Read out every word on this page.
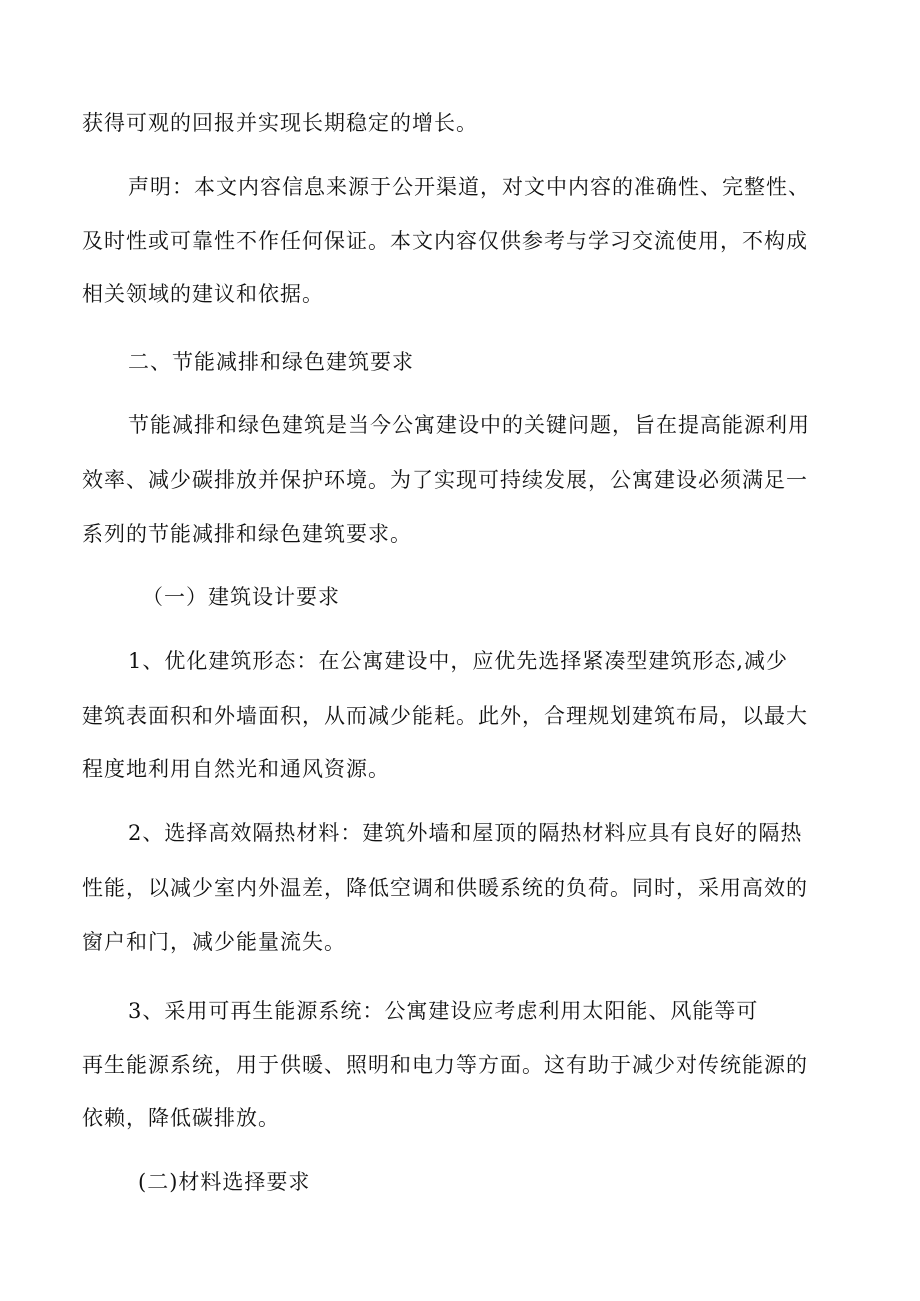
获得可观的回报并实现长期稳定的增长。
声明：本文内容信息来源于公开渠道，对文中内容的准确性、完整性、
及时性或可靠性不作任何保证。本文内容仅供参考与学习交流使用，不构成
相关领域的建议和依据。
二、节能减排和绿色建筑要求
节能减排和绿色建筑是当今公寓建设中的关键问题，旨在提高能源利用
效率、减少碳排放并保护环境。为了实现可持续发展，公寓建设必须满足一
系列的节能减排和绿色建筑要求。
（一）建筑设计要求
1、优化建筑形态：在公寓建设中，应优先选择紧凑型建筑形态,减少
建筑表面积和外墙面积，从而减少能耗。此外，合理规划建筑布局，以最大
程度地利用自然光和通风资源。
2、选择高效隔热材料：建筑外墙和屋顶的隔热材料应具有良好的隔热
性能，以减少室内外温差，降低空调和供暖系统的负荷。同时，采用高效的
窗户和门，减少能量流失。
3、采用可再生能源系统：公寓建设应考虑利用太阳能、风能等可
再生能源系统，用于供暖、照明和电力等方面。这有助于减少对传统能源的
依赖，降低碳排放。
(二)材料选择要求
